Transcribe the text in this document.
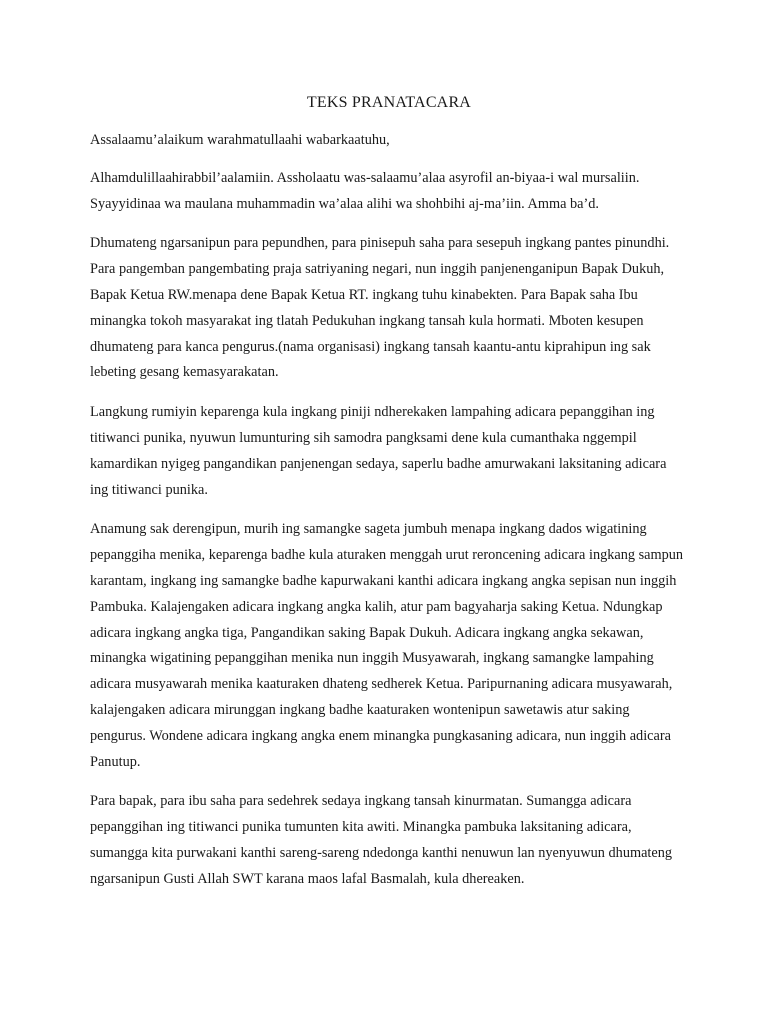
TEKS PRANATACARA

Assalaamu’alaikum warahmatullaahi wabarkaatuhu,

Alhamdulillaahirabbil’aalamiin. Assholaatu was-salaamu’alaa asyrofil an-biyaa-i wal mursaliin. Syayyidinaa wa maulana muhammadin wa’alaa alihi wa shohbihi aj-ma’iin. Amma ba’d.

Dhumateng ngarsanipun para pepundhen, para pinisepuh saha para sesepuh ingkang pantes pinundhi. Para pangemban pangembating praja satriyaning negari, nun inggih panjenenganipun Bapak Dukuh, Bapak Ketua RW.menapa dene Bapak Ketua RT. ingkang tuhu kinabekten. Para Bapak saha Ibu minangka tokoh masyarakat ing tlatah Pedukuhan ingkang tansah kula hormati. Mboten kesupen dhumateng para kanca pengurus.(nama organisasi) ingkang tansah kaantu-antu kiprahipun ing sak lebeting gesang kemasyarakatan.

Langkung rumiyin keparenga kula ingkang piniji ndherekaken lampahing adicara pepanggihan ing titiwanci punika, nyuwun lumunturing sih samodra pangksami dene kula cumanthaka nggempil kamardikan nyigeg pangandikan panjenengan sedaya, saperlu badhe amurwakani laksitaning adicara ing titiwanci punika.

Anamung sak derengipun, murih ing samangke sageta jumbuh menapa ingkang dados wigatining pepanggiha menika, keparenga badhe kula aturaken menggah urut reroncening adicara ingkang sampun karantam, ingkang ing samangke badhe kapurwakani kanthi adicara ingkang angka sepisan nun inggih Pambuka. Kalajengaken adicara ingkang angka kalih, atur pam bagyaharja saking Ketua. Ndungkap adicara ingkang angka tiga, Pangandikan saking Bapak Dukuh. Adicara ingkang angka sekawan, minangka wigatining pepanggihan menika nun inggih Musyawarah, ingkang samangke lampahing adicara musyawarah menika kaaturaken dhateng sedherek Ketua. Paripurnaning adicara musyawarah, kalajengaken adicara mirunggan ingkang badhe kaaturaken wontenipun sawetawis atur saking pengurus. Wondene adicara ingkang angka enem minangka pungkasaning adicara, nun inggih adicara Panutup.

Para bapak, para ibu saha para sedehrek sedaya ingkang tansah kinurmatan. Sumangga adicara pepanggihan ing titiwanci punika tumunten kita awiti. Minangka pambuka laksitaning adicara, sumangga kita purwakani kanthi sareng-sareng ndedonga kanthi nenuwun lan nyenyuwun dhumateng ngarsanipun Gusti Allah SWT karana maos lafal Basmalah, kula dhereaken.
